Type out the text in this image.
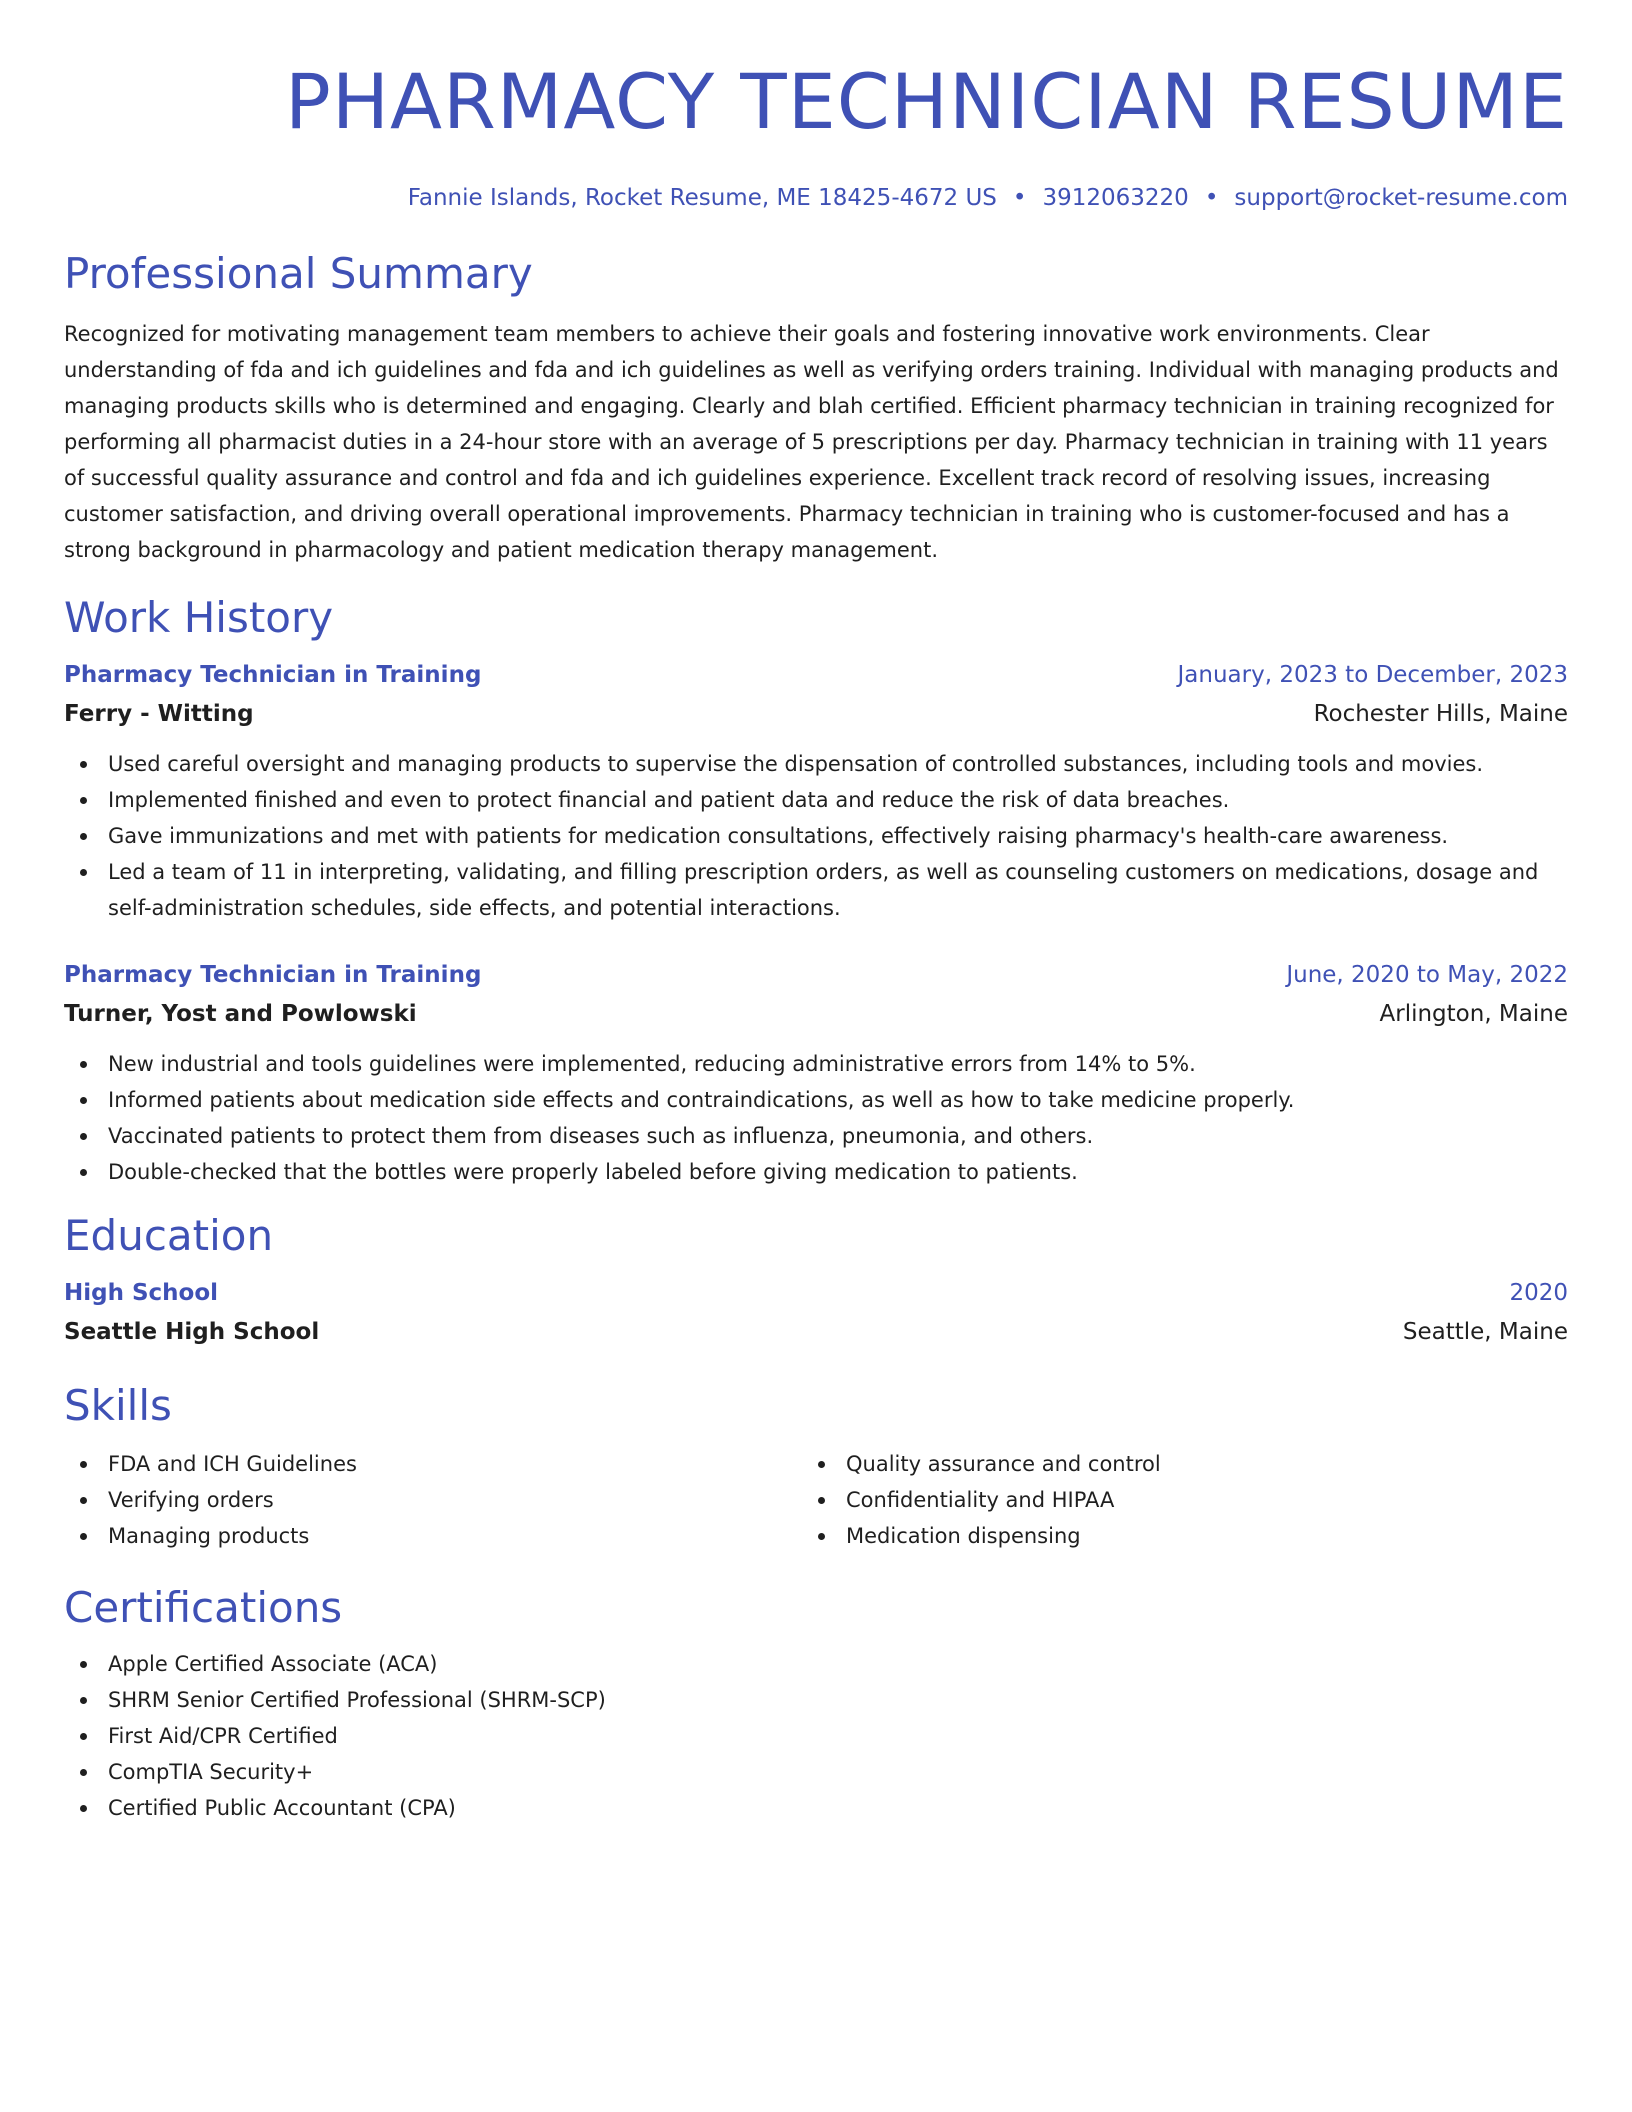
PHARMACY TECHNICIAN RESUME
Fannie Islands, Rocket Resume, ME 18425-4672 US • 3912063220 • support@rocket-resume.com
Professional Summary
Recognized for motivating management team members to achieve their goals and fostering innovative work environments. Clear understanding of fda and ich guidelines and fda and ich guidelines as well as verifying orders training. Individual with managing products and managing products skills who is determined and engaging. Clearly and blah certified. Efficient pharmacy technician in training recognized for performing all pharmacist duties in a 24-hour store with an average of 5 prescriptions per day. Pharmacy technician in training with 11 years of successful quality assurance and control and fda and ich guidelines experience. Excellent track record of resolving issues, increasing customer satisfaction, and driving overall operational improvements. Pharmacy technician in training who is customer-focused and has a strong background in pharmacology and patient medication therapy management.
Work History
Pharmacy Technician in Training	January, 2023 to December, 2023
Ferry - Witting	Rochester Hills, Maine
Used careful oversight and managing products to supervise the dispensation of controlled substances, including tools and movies.
Implemented finished and even to protect financial and patient data and reduce the risk of data breaches.
Gave immunizations and met with patients for medication consultations, effectively raising pharmacy's health-care awareness.
Led a team of 11 in interpreting, validating, and filling prescription orders, as well as counseling customers on medications, dosage and self-administration schedules, side effects, and potential interactions.
Pharmacy Technician in Training	June, 2020 to May, 2022
Turner, Yost and Powlowski	Arlington, Maine
New industrial and tools guidelines were implemented, reducing administrative errors from 14% to 5%.
Informed patients about medication side effects and contraindications, as well as how to take medicine properly.
Vaccinated patients to protect them from diseases such as influenza, pneumonia, and others.
Double-checked that the bottles were properly labeled before giving medication to patients.
Education
High School	2020
Seattle High School	Seattle, Maine
Skills
FDA and ICH Guidelines
Verifying orders
Managing products
Quality assurance and control
Confidentiality and HIPAA
Medication dispensing
Certifications
Apple Certified Associate (ACA)
SHRM Senior Certified Professional (SHRM-SCP)
First Aid/CPR Certified
CompTIA Security+
Certified Public Accountant (CPA)
